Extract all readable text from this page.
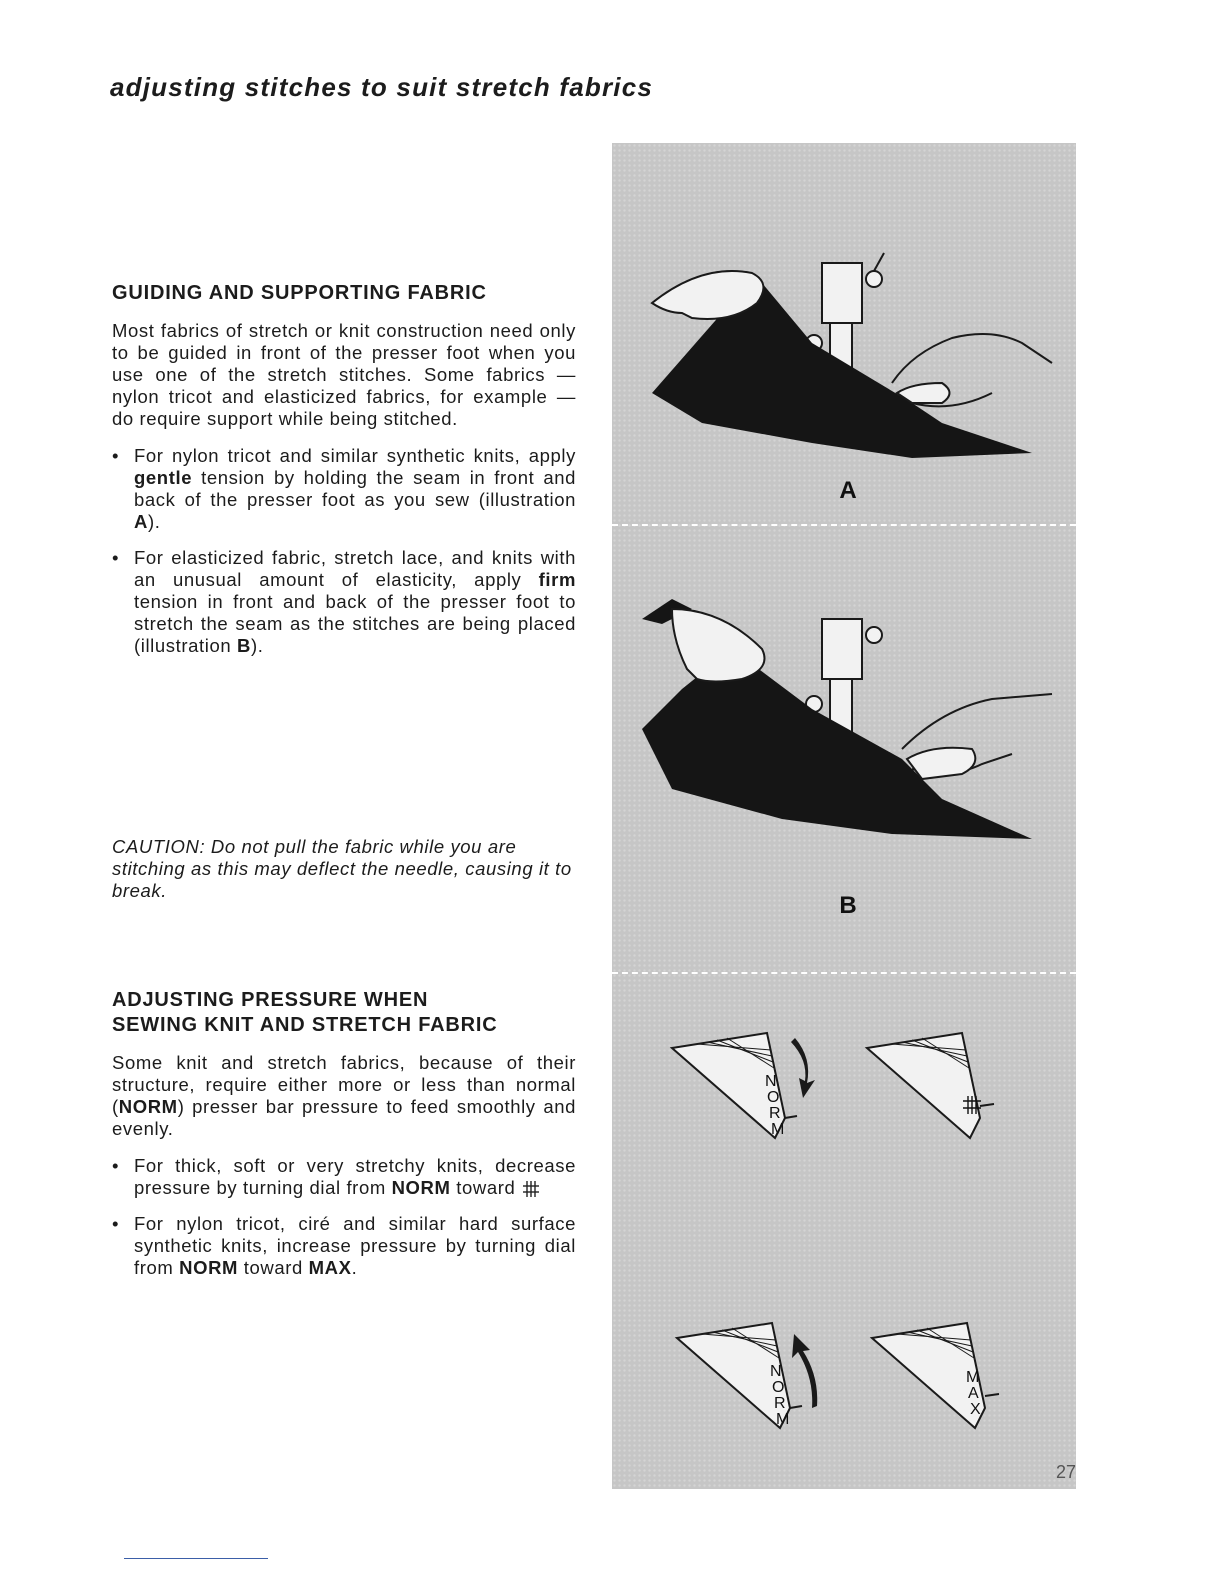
adjusting stitches to suit stretch fabrics
GUIDING AND SUPPORTING FABRIC

Most fabrics of stretch or knit construction need only to be guided in front of the presser foot when you use one of the stretch stitches. Some fabrics — nylon tricot and elasticized fabrics, for example — do require support while being stitched.

• For nylon tricot and similar synthetic knits, apply gentle tension by holding the seam in front and back of the presser foot as you sew (illustration A).
• For elasticized fabric, stretch lace, and knits with an unusual amount of elasticity, apply firm tension in front and back of the presser foot to stretch the seam as the stitches are being placed (illustration B).

CAUTION: Do not pull the fabric while you are stitching as this may deflect the needle, causing it to break.

ADJUSTING PRESSURE WHEN
SEWING KNIT AND STRETCH FABRIC

Some knit and stretch fabrics, because of their structure, require either more or less than normal (NORM) presser bar pressure to feed smoothly and evenly.

• For thick, soft or very stretchy knits, decrease pressure by turning dial from NORM toward
• For nylon tricot, ciré and similar hard surface synthetic knits, increase pressure by turning dial from NORM toward MAX.
A
B
N
O
R
M
N
O
R
M
M
A
X
27
